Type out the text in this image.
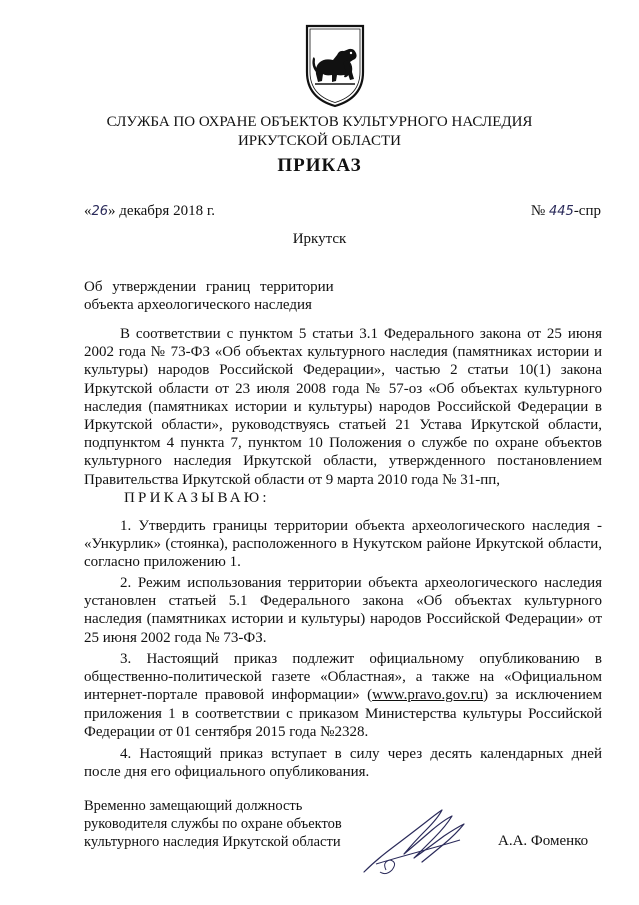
СЛУЖБА ПО ОХРАНЕ ОБЪЕКТОВ КУЛЬТУРНОГО НАСЛЕДИЯ
ИРКУТСКОЙ ОБЛАСТИ
ПРИКАЗ
«26» декабря 2018 г.	№ 445-спр
Иркутск
Об утверждении границ территории
объекта археологического наследия
В соответствии с пунктом 5 статьи 3.1 Федерального закона от 25 июня 2002 года № 73-ФЗ «Об объектах культурного наследия (памятниках истории и культуры) народов Российской Федерации», частью 2 статьи 10(1) закона Иркутской области от 23 июля 2008 года № 57-оз «Об объектах культурного наследия (памятниках истории и культуры) народов Российской Федерации в Иркутской области», руководствуясь статьей 21 Устава Иркутской области, подпунктом 4 пункта 7, пунктом 10 Положения о службе по охране объектов культурного наследия Иркутской области, утвержденного постановлением Правительства Иркутской области от 9 марта 2010 года № 31-пп,
ПРИКАЗЫВАЮ:
1. Утвердить границы территории объекта археологического наследия - «Ункурлик» (стоянка), расположенного в Нукутском районе Иркутской области, согласно приложению 1.
2. Режим использования территории объекта археологического наследия установлен статьей 5.1 Федерального закона «Об объектах культурного наследия (памятниках истории и культуры) народов Российской Федерации» от 25 июня 2002 года № 73-ФЗ.
3. Настоящий приказ подлежит официальному опубликованию в общественно-политической газете «Областная», а также на «Официальном интернет-портале правовой информации» (www.pravo.gov.ru) за исключением приложения 1 в соответствии с приказом Министерства культуры Российской Федерации от 01 сентября 2015 года №2328.
4. Настоящий приказ вступает в силу через десять календарных дней после дня его официального опубликования.
Временно замещающий должность
руководителя службы по охране объектов
культурного наследия Иркутской области	А.А. Фоменко
